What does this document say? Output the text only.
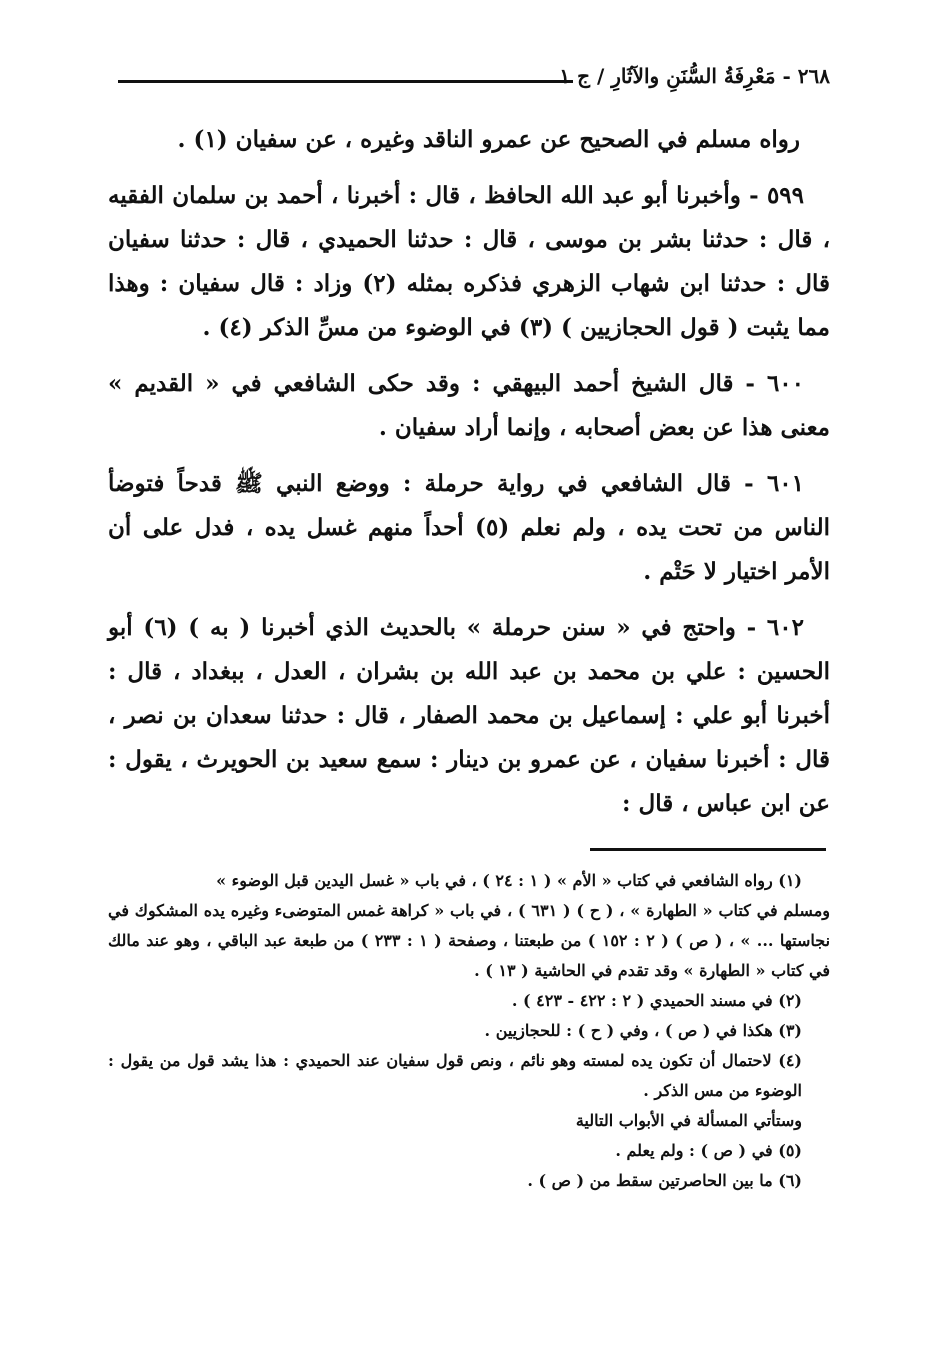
٢٦٨ - مَعْرِفَةُ السُّنَنِ والآثَارِ / ج ١

رواه مسلم في الصحيح عن عمرو الناقد وغيره ، عن سفيان (١) .

٥٩٩ - وأخبرنا أبو عبد الله الحافظ ، قال : أخبرنا ، أحمد بن سلمان الفقيه ، قال : حدثنا بشر بن موسى ، قال : حدثنا الحميدي ، قال : حدثنا سفيان قال : حدثنا ابن شهاب الزهري فذكره بمثله (٢) وزاد : قال سفيان : وهذا مما يثبت ( قول الحجازيين ) (٣) في الوضوء من مسِّ الذكر (٤) .

٦٠٠ - قال الشيخ أحمد البيهقي : وقد حكى الشافعي في « القديم » معنى هذا عن بعض أصحابه ، وإنما أراد سفيان .

٦٠١ - قال الشافعي في رواية حرملة : ووضع النبي ﷺ قدحاً فتوضأ الناس من تحت يده ، ولم نعلم (٥) أحداً منهم غسل يده ، فدل على أن الأمر اختيار لا حَتْم .

٦٠٢ - واحتج في « سنن حرملة » بالحديث الذي أخبرنا ( به ) (٦) أبو الحسين : علي بن محمد بن عبد الله بن بشران ، العدل ، ببغداد ، قال : أخبرنا أبو علي : إسماعيل بن محمد الصفار ، قال : حدثنا سعدان بن نصر ، قال : أخبرنا سفيان ، عن عمرو بن دينار : سمع سعيد بن الحويرث ، يقول : عن ابن عباس ، قال :

(١) رواه الشافعي في كتاب « الأم » ( ١ : ٢٤ ) ، في باب « غسل اليدين قبل الوضوء »

ومسلم في كتاب « الطهارة » ، ( ح ) ( ٦٣١ ) ، في باب « كراهة غمس المتوضىء وغيره يده المشكوك في نجاستها ... » ، ( ص ) ( ٢ : ١٥٢ ) من طبعتنا ، وصفحة ( ١ : ٢٣٣ ) من طبعة عبد الباقي ، وهو عند مالك في كتاب « الطهارة » وقد تقدم في الحاشية ( ١٣ ) .

(٢) في مسند الحميدي ( ٢ : ٤٢٢ - ٤٢٣ ) .

(٣) هكذا في ( ص ) ، وفي ( ح ) : للحجازيين .

(٤) لاحتمال أن تكون يده لمسته وهو نائم ، ونص قول سفيان عند الحميدي : هذا يشد قول من يقول : الوضوء من مس الذكر .

وستأتي المسألة في الأبواب التالية

(٥) في ( ص ) : ولم يعلم .

(٦) ما بين الحاصرتين سقط من ( ص ) .
